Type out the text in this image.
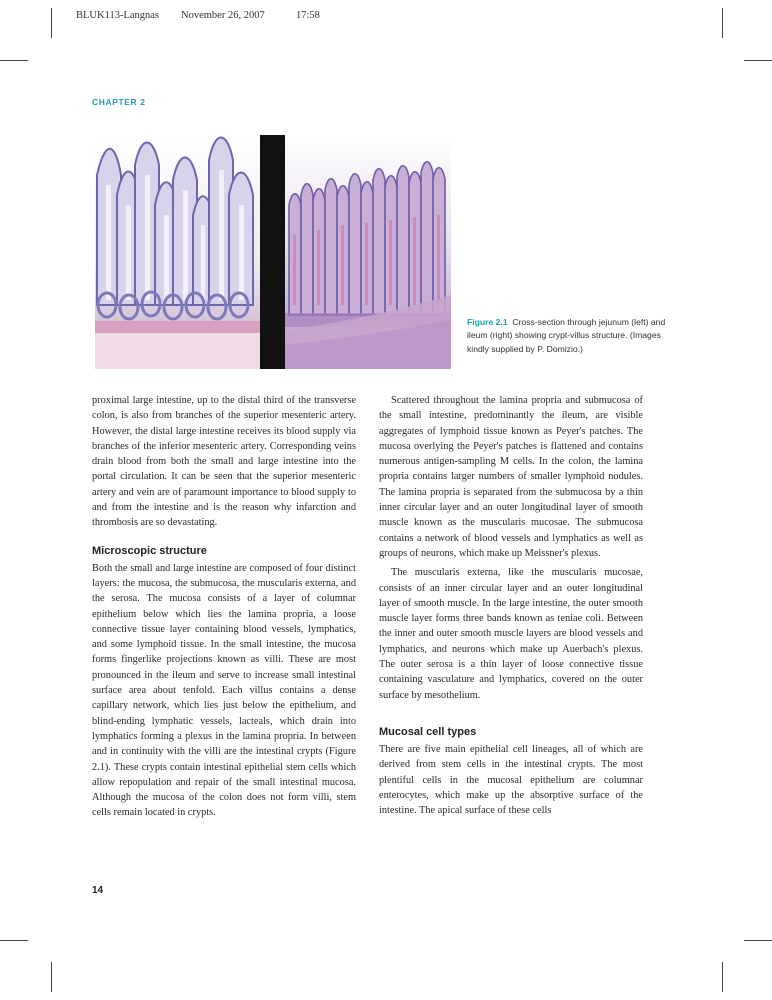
BLUK113-Langnas November 26, 2007	17:58
CHAPTER 2
Figure 2.1 Cross-section through jejunum (left) and ileum (right) showing crypt-villus structure. (Images kindly supplied by P. Domizio.)

proximal large intestine, up to the distal third of the transverse colon, is also from branches of the superior mesenteric artery. However, the distal large intestine receives its blood supply via branches of the inferior mesenteric artery. Corresponding veins drain blood from both the small and large intestine into the portal circulation. It can be seen that the superior mesenteric artery and vein are of paramount importance to blood supply to and from the intestine and is the reason why infarction and thrombosis are so devastating.

Microscopic structure

Both the small and large intestine are composed of four distinct layers: the mucosa, the submucosa, the muscularis externa, and the serosa. The mucosa consists of a layer of columnar epithelium below which lies the lamina propria, a loose connective tissue layer containing blood vessels, lymphatics, and some lymphoid tissue. In the small intestine, the mucosa forms fingerlike projections known as villi. These are most pronounced in the ileum and serve to increase small intestinal surface area about tenfold. Each villus contains a dense capillary network, which lies just below the epithelium, and blind-ending lymphatic vessels, lacteals, which drain into lymphatics forming a plexus in the lamina propria. In between and in continuity with the villi are the intestinal crypts (Figure 2.1). These crypts contain intestinal epithelial stem cells which allow repopulation and repair of the small intestinal mucosa. Although the mucosa of the colon does not form villi, stem cells remain located in crypts.

Scattered throughout the lamina propria and submucosa of the small intestine, predominantly the ileum, are visible aggregates of lymphoid tissue known as Peyer's patches. The mucosa overlying the Peyer's patches is flattened and contains numerous antigen-sampling M cells. In the colon, the lamina propria contains larger numbers of smaller lymphoid nodules. The lamina propria is separated from the submucosa by a thin inner circular layer and an outer longitudinal layer of smooth muscle known as the muscularis mucosae. The submucosa contains a network of blood vessels and lymphatics as well as groups of neurons, which make up Meissner's plexus.

The muscularis externa, like the muscularis mucosae, consists of an inner circular layer and an outer longitudinal layer of smooth muscle. In the large intestine, the outer smooth muscle layer forms three bands known as teniae coli. Between the inner and outer smooth muscle layers are blood vessels and lymphatics, and neurons which make up Auerbach's plexus. The outer serosa is a thin layer of loose connective tissue containing vasculature and lymphatics, covered on the outer surface by mesothelium.

Mucosal cell types

There are five main epithelial cell lineages, all of which are derived from stem cells in the intestinal crypts. The most plentiful cells in the mucosal epithelium are columnar enterocytes, which make up the absorptive surface of the intestine. The apical surface of these cells

14
